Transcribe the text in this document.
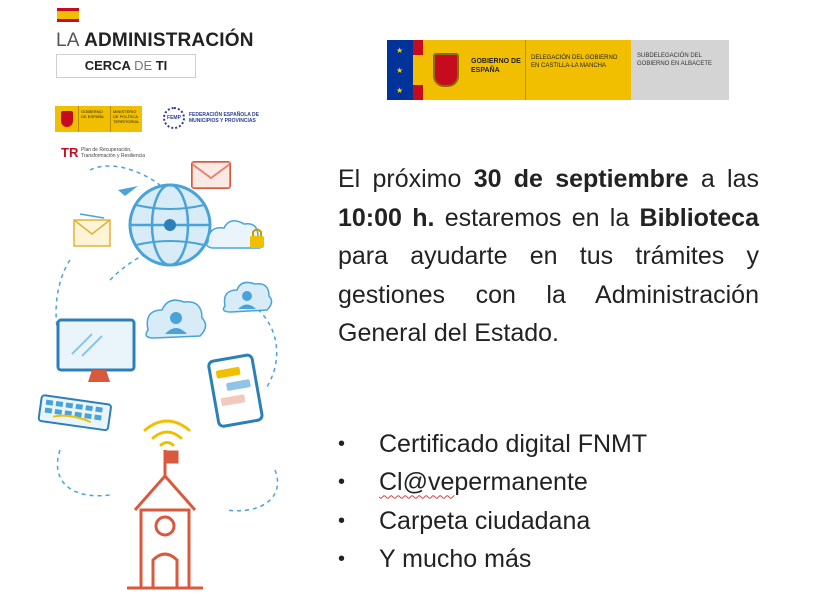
LA ADMINISTRACIÓN
CERCA DE TI
GOBIERNO DE ESPAÑA
MINISTERIO DE POLÍTICA TERRITORIAL
FEMP	FEDERACIÓN ESPAÑOLA DE MUNICIPIOS Y PROVINCIAS
TR Plan de Recuperación, Transformación y Resiliencia
★
★
★
GOBIERNO DE ESPAÑA
DELEGACIÓN DEL GOBIERNO EN CASTILLA-LA MANCHA
SUBDELEGACIÓN DEL GOBIERNO EN ALBACETE
El próximo 30 de septiembre a las 10:00 h. estaremos en la Biblioteca para ayudarte en tus trámites y gestiones con la Administración General del Estado.
•	Certificado digital FNMT
•	Cl@ve permanente
•	Carpeta ciudadana
•	Y mucho más
